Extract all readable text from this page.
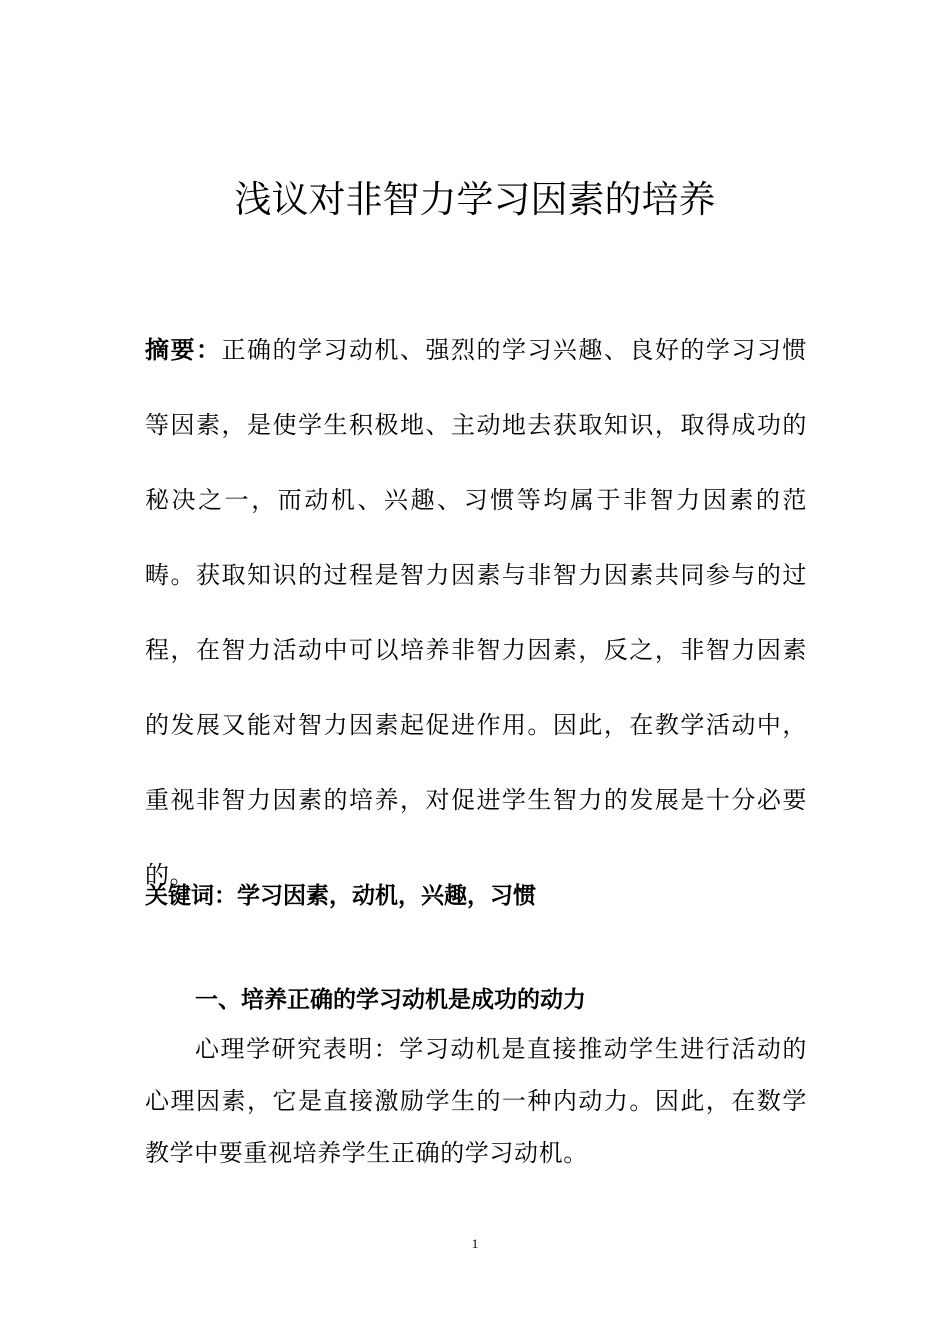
浅议对非智力学习因素的培养

摘要：正确的学习动机、强烈的学习兴趣、良好的学习习惯等因素，是使学生积极地、主动地去获取知识，取得成功的秘决之一，而动机、兴趣、习惯等均属于非智力因素的范畴。获取知识的过程是智力因素与非智力因素共同参与的过程，在智力活动中可以培养非智力因素，反之，非智力因素的发展又能对智力因素起促进作用。因此，在教学活动中，重视非智力因素的培养，对促进学生智力的发展是十分必要的。

关键词：学习因素，动机，兴趣，习惯

一、培养正确的学习动机是成功的动力

心理学研究表明：学习动机是直接推动学生进行活动的心理因素，它是直接激励学生的一种内动力。因此，在数学教学中要重视培养学生正确的学习动机。

1
